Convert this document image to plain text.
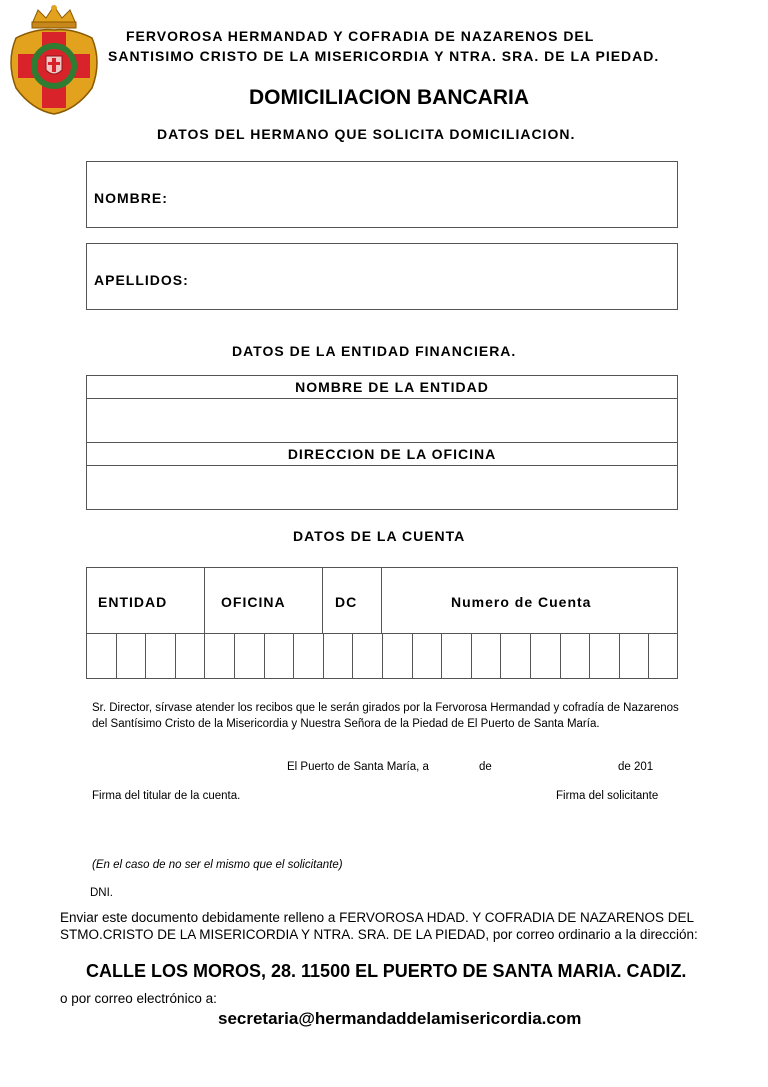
FERVOROSA HERMANDAD Y COFRADIA DE NAZARENOS DEL
SANTISIMO CRISTO DE LA MISERICORDIA Y NTRA. SRA. DE LA PIEDAD.
DOMICILIACION BANCARIA
DATOS DEL HERMANO QUE SOLICITA DOMICILIACION.
NOMBRE:
APELLIDOS:
DATOS DE LA ENTIDAD FINANCIERA.
NOMBRE DE LA ENTIDAD
DIRECCION DE LA OFICINA
DATOS DE LA CUENTA
ENTIDAD	OFICINA	DC	Numero de Cuenta
Sr. Director, sírvase atender los recibos que le serán girados por la Fervorosa Hermandad y cofradía de Nazarenos del Santísimo Cristo de la Misericordia y Nuestra Señora de la Piedad de El Puerto de Santa María.
El Puerto de Santa María, a	de	de 201
Firma del titular de la cuenta.	Firma del solicitante
(En el caso de no ser el mismo que el solicitante)
DNI.
Enviar este documento debidamente relleno a FERVOROSA HDAD. Y COFRADIA DE NAZARENOS DEL STMO.CRISTO DE LA MISERICORDIA Y NTRA. SRA. DE LA PIEDAD, por correo ordinario a la dirección:
CALLE LOS MOROS, 28. 11500 EL PUERTO DE SANTA MARIA. CADIZ.
o por correo electrónico a:
secretaria@hermandaddelamisericordia.com
